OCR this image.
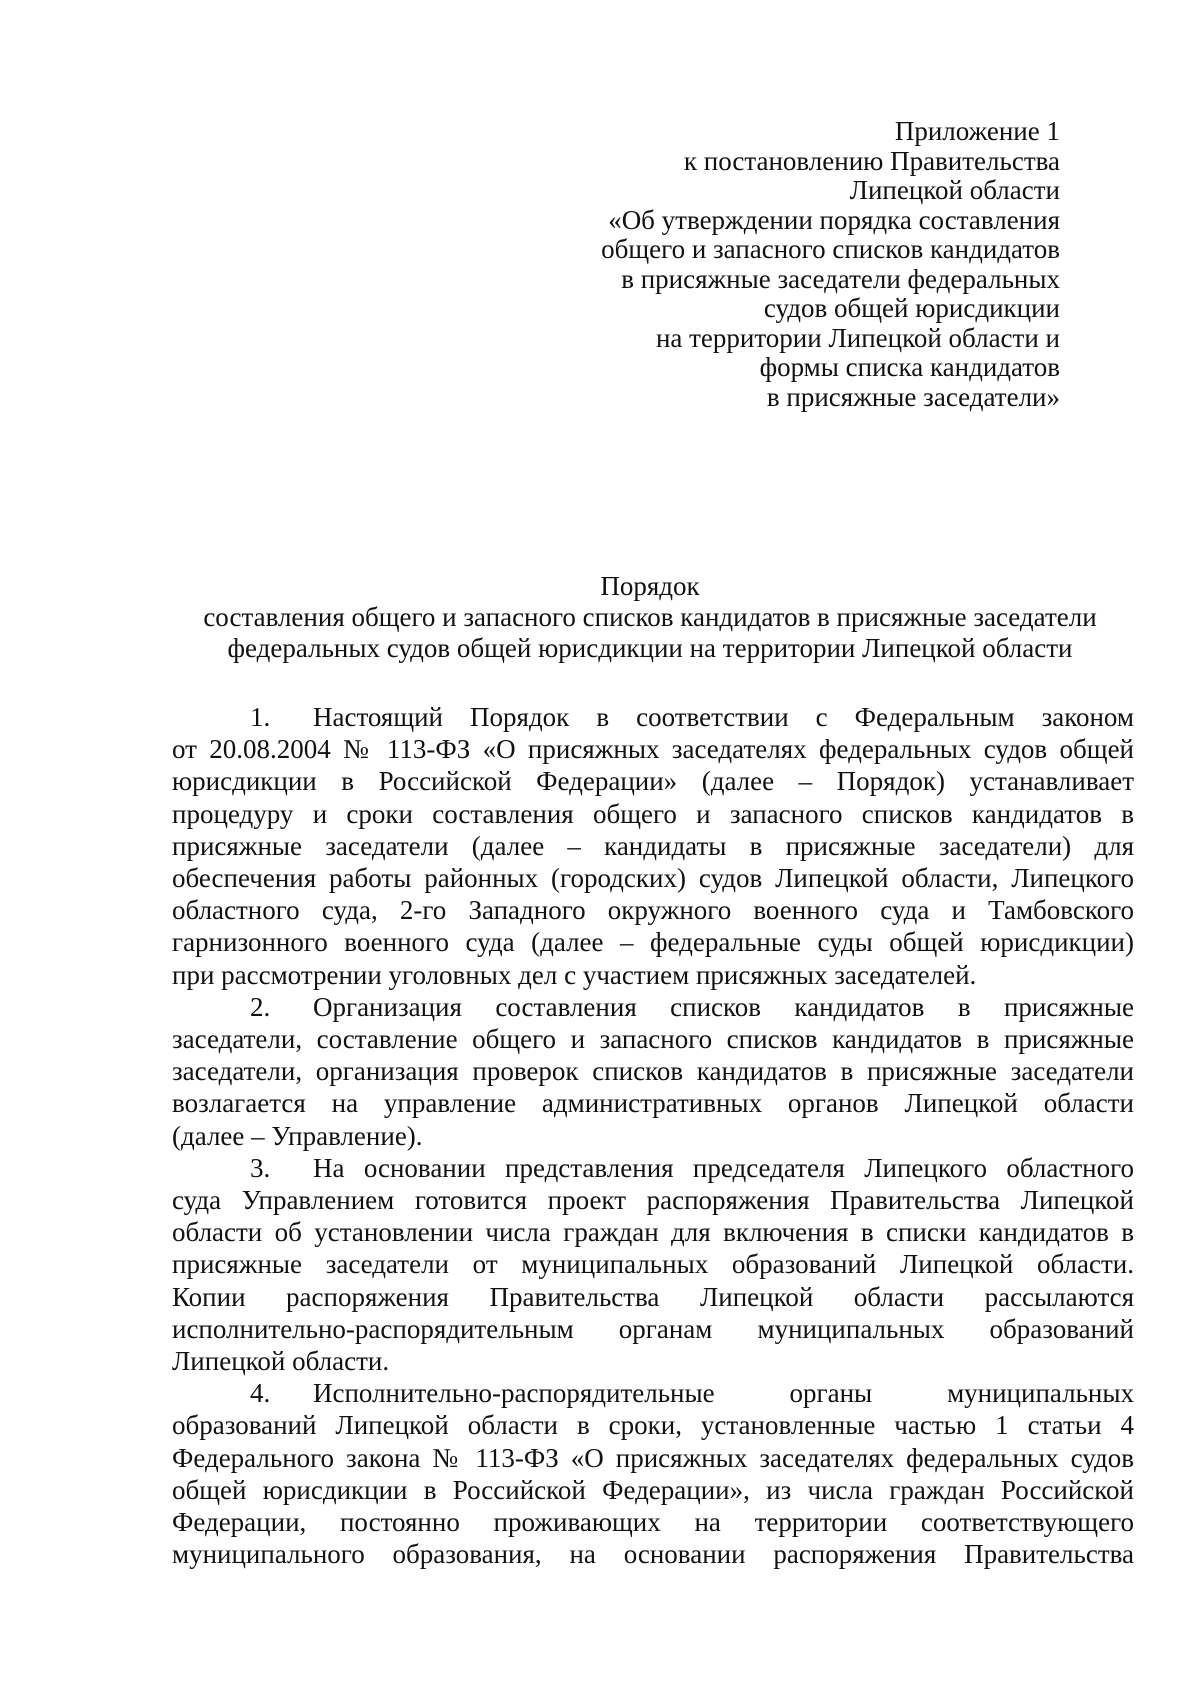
Приложение 1
к постановлению Правительства
Липецкой области
«Об утверждении порядка составления
общего и запасного списков кандидатов
в присяжные заседатели федеральных
судов общей юрисдикции
на территории Липецкой области и
формы списка кандидатов
в присяжные заседатели»
Порядок
составления общего и запасного списков кандидатов в присяжные заседатели
федеральных судов общей юрисдикции на территории Липецкой области
1. Настоящий Порядок в соответствии с Федеральным законом
от 20.08.2004 № 113-ФЗ «О присяжных заседателях федеральных судов общей
юрисдикции в Российской Федерации» (далее – Порядок) устанавливает
процедуру и сроки составления общего и запасного списков кандидатов в
присяжные заседатели (далее – кандидаты в присяжные заседатели) для
обеспечения работы районных (городских) судов Липецкой области, Липецкого
областного суда, 2-го Западного окружного военного суда и Тамбовского
гарнизонного военного суда (далее – федеральные суды общей юрисдикции)
при рассмотрении уголовных дел с участием присяжных заседателей.
2. Организация составления списков кандидатов в присяжные
заседатели, составление общего и запасного списков кандидатов в присяжные
заседатели, организация проверок списков кандидатов в присяжные заседатели
возлагается на управление административных органов Липецкой области
(далее – Управление).
3. На основании представления председателя Липецкого областного
суда Управлением готовится проект распоряжения Правительства Липецкой
области об установлении числа граждан для включения в списки кандидатов в
присяжные заседатели от муниципальных образований Липецкой области.
Копии распоряжения Правительства Липецкой области рассылаются
исполнительно-распорядительным органам муниципальных образований
Липецкой области.
4. Исполнительно-распорядительные органы муниципальных
образований Липецкой области в сроки, установленные частью 1 статьи 4
Федерального закона № 113-ФЗ «О присяжных заседателях федеральных судов
общей юрисдикции в Российской Федерации», из числа граждан Российской
Федерации, постоянно проживающих на территории соответствующего
муниципального образования, на основании распоряжения Правительства
